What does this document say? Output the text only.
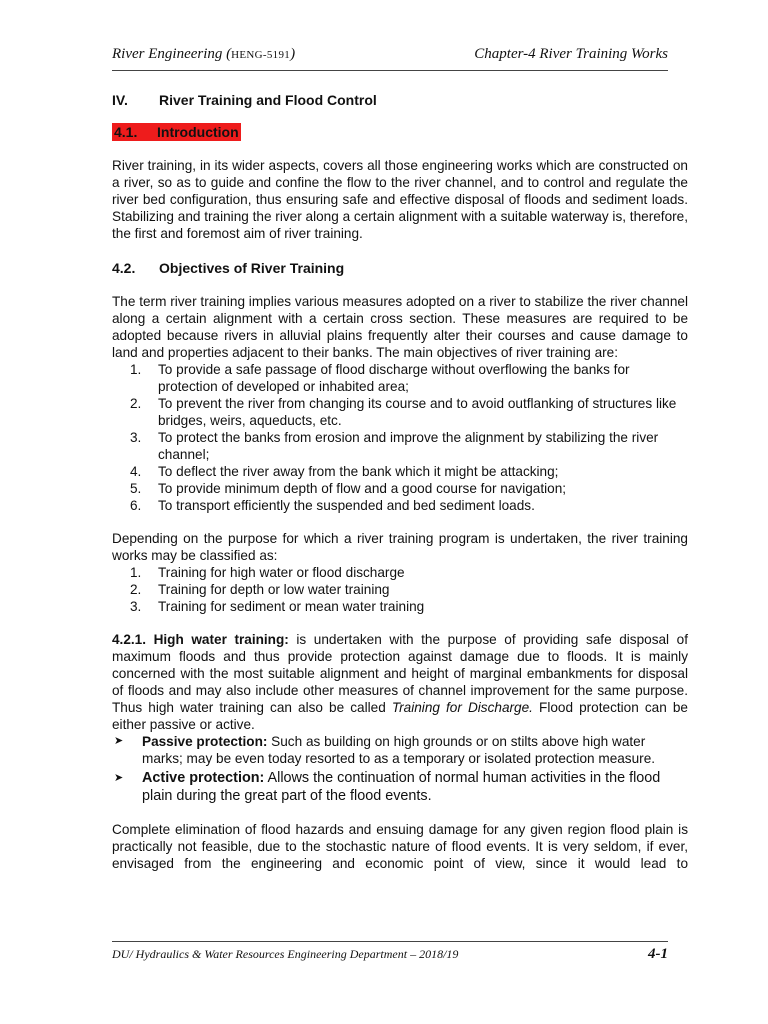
River Engineering (HENG-5191)	Chapter-4 River Training Works
IV. River Training and Flood Control
4.1. Introduction

River training, in its wider aspects, covers all those engineering works which are constructed on a river, so as to guide and confine the flow to the river channel, and to control and regulate the river bed configuration, thus ensuring safe and effective disposal of floods and sediment loads. Stabilizing and training the river along a certain alignment with a suitable waterway is, therefore, the first and foremost aim of river training.

4.2. Objectives of River Training

The term river training implies various measures adopted on a river to stabilize the river channel along a certain alignment with a certain cross section. These measures are required to be adopted because rivers in alluvial plains frequently alter their courses and cause damage to land and properties adjacent to their banks. The main objectives of river training are:

1.	To provide a safe passage of flood discharge without overflowing the banks for protection of developed or inhabited area;
2.	To prevent the river from changing its course and to avoid outflanking of structures like bridges, weirs, aqueducts, etc.
3.	To protect the banks from erosion and improve the alignment by stabilizing the river channel;
4.	To deflect the river away from the bank which it might be attacking;
5.	To provide minimum depth of flow and a good course for navigation;
6.	To transport efficiently the suspended and bed sediment loads.

Depending on the purpose for which a river training program is undertaken, the river training works may be classified as:

1.	Training for high water or flood discharge
2.	Training for depth or low water training
3.	Training for sediment or mean water training

4.2.1. High water training: is undertaken with the purpose of providing safe disposal of maximum floods and thus provide protection against damage due to floods. It is mainly concerned with the most suitable alignment and height of marginal embankments for disposal of floods and may also include other measures of channel improvement for the same purpose. Thus high water training can also be called Training for Discharge. Flood protection can be either passive or active.

➤	Passive protection: Such as building on high grounds or on stilts above high water marks; may be even today resorted to as a temporary or isolated protection measure.
➤	Active protection: Allows the continuation of normal human activities in the flood plain during the great part of the flood events.

Complete elimination of flood hazards and ensuing damage for any given region flood plain is practically not feasible, due to the stochastic nature of flood events. It is very seldom, if ever, envisaged from the engineering and economic point of view, since it would lead to

DU/ Hydraulics & Water Resources Engineering Department – 2018/19	4-1
